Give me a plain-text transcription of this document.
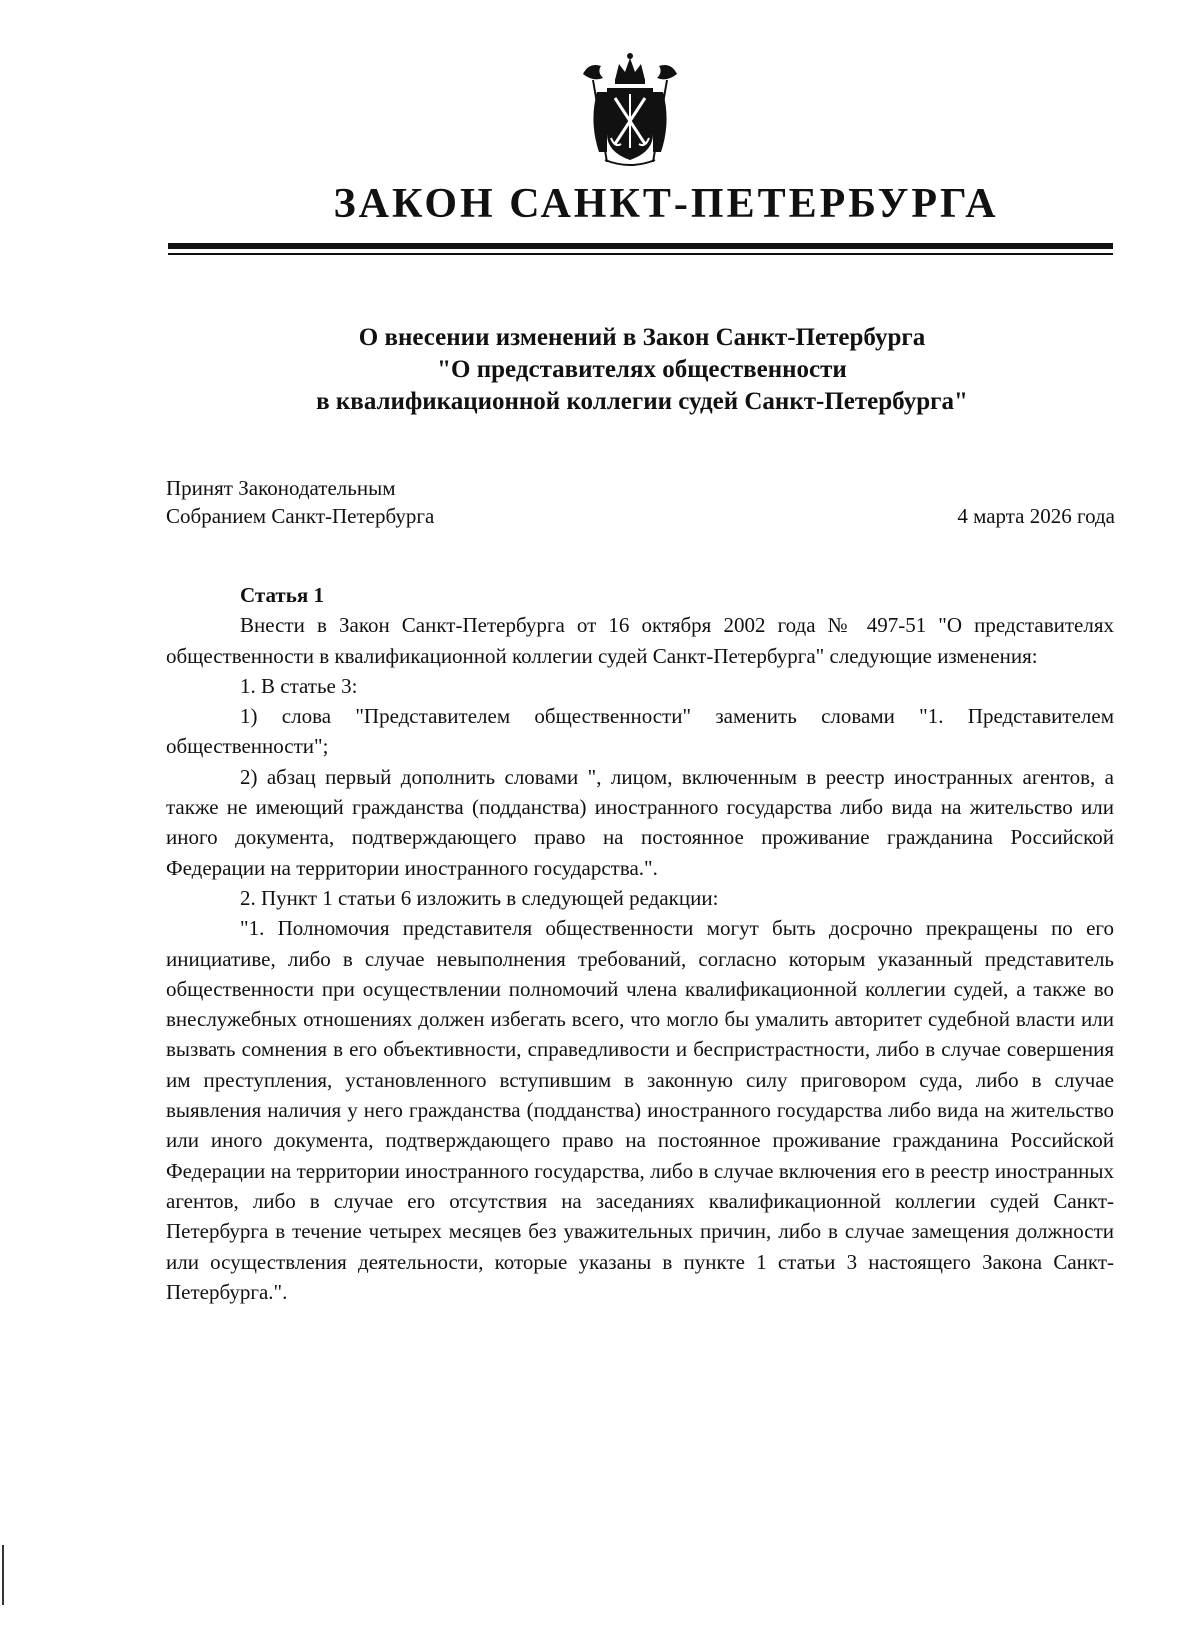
ЗАКОН САНКТ-ПЕТЕРБУРГА
О внесении изменений в Закон Санкт-Петербурга
"О представителях общественности
в квалификационной коллегии судей Санкт-Петербурга"
Принят Законодательным
Собранием Санкт-Петербурга	4 марта 2026 года

Статья 1

Внести в Закон Санкт-Петербурга от 16 октября 2002 года № 497-51 "О представителях общественности в квалификационной коллегии судей Санкт-Петербурга" следующие изменения:

1. В статье 3:

1) слова "Представителем общественности" заменить словами "1. Представителем общественности";

2) абзац первый дополнить словами ", лицом, включенным в реестр иностранных агентов, а также не имеющий гражданства (подданства) иностранного государства либо вида на жительство или иного документа, подтверждающего право на постоянное проживание гражданина Российской Федерации на территории иностранного государства.".

2. Пункт 1 статьи 6 изложить в следующей редакции:

"1. Полномочия представителя общественности могут быть досрочно прекращены по его инициативе, либо в случае невыполнения требований, согласно которым указанный представитель общественности при осуществлении полномочий члена квалификационной коллегии судей, а также во внеслужебных отношениях должен избегать всего, что могло бы умалить авторитет судебной власти или вызвать сомнения в его объективности, справедливости и беспристрастности, либо в случае совершения им преступления, установленного вступившим в законную силу приговором суда, либо в случае выявления наличия у него гражданства (подданства) иностранного государства либо вида на жительство или иного документа, подтверждающего право на постоянное проживание гражданина Российской Федерации на территории иностранного государства, либо в случае включения его в реестр иностранных агентов, либо в случае его отсутствия на заседаниях квалификационной коллегии судей Санкт-Петербурга в течение четырех месяцев без уважительных причин, либо в случае замещения должности или осуществления деятельности, которые указаны в пункте 1 статьи 3 настоящего Закона Санкт-Петербурга.".
